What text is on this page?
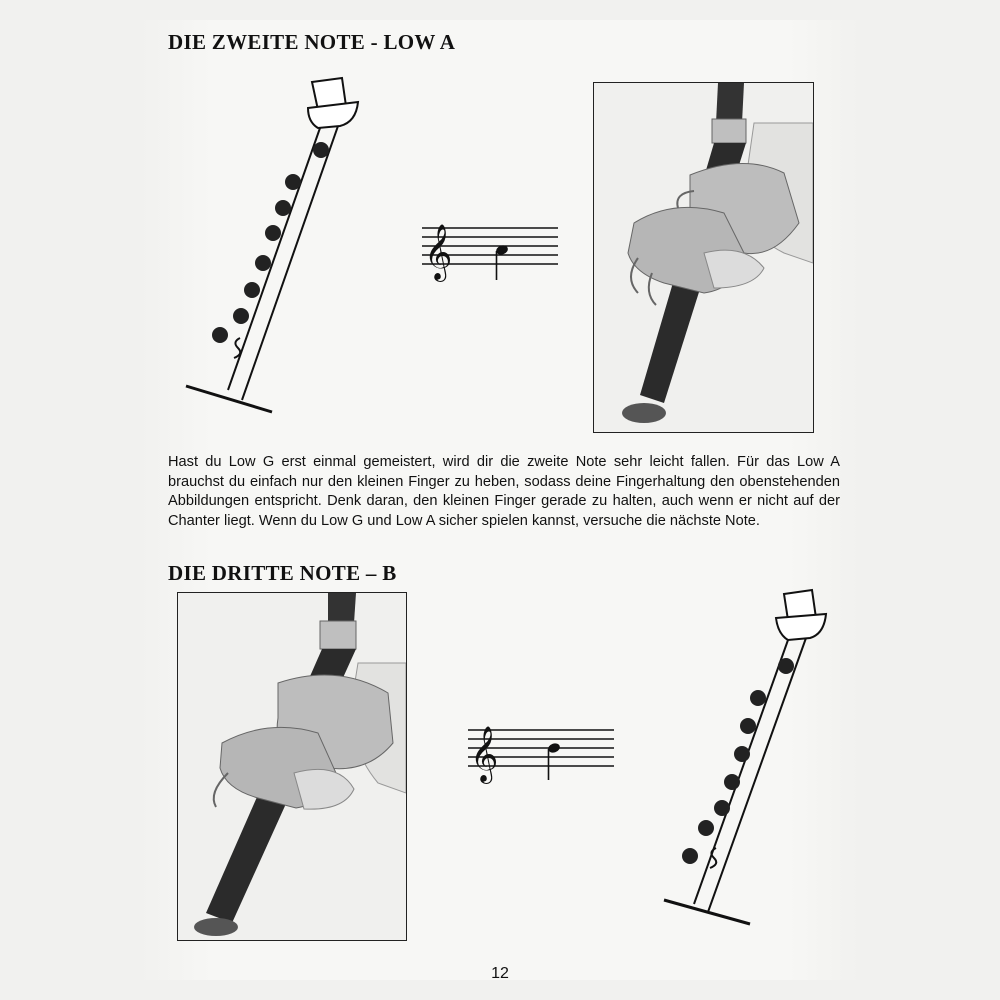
DIE ZWEITE NOTE - LOW A
𝄞

Hast du Low G erst einmal gemeistert, wird dir die zweite Note sehr leicht fallen. Für das Low A brauchst du einfach nur den kleinen Finger zu heben, sodass deine Fingerhaltung den obenstehenden Abbildungen entspricht. Denk daran, den kleinen Finger gerade zu halten, auch wenn er nicht auf der Chanter liegt. Wenn du Low G und Low A sicher spielen kannst, versuche die nächste Note.

DIE DRITTE NOTE – B
𝄞

12
